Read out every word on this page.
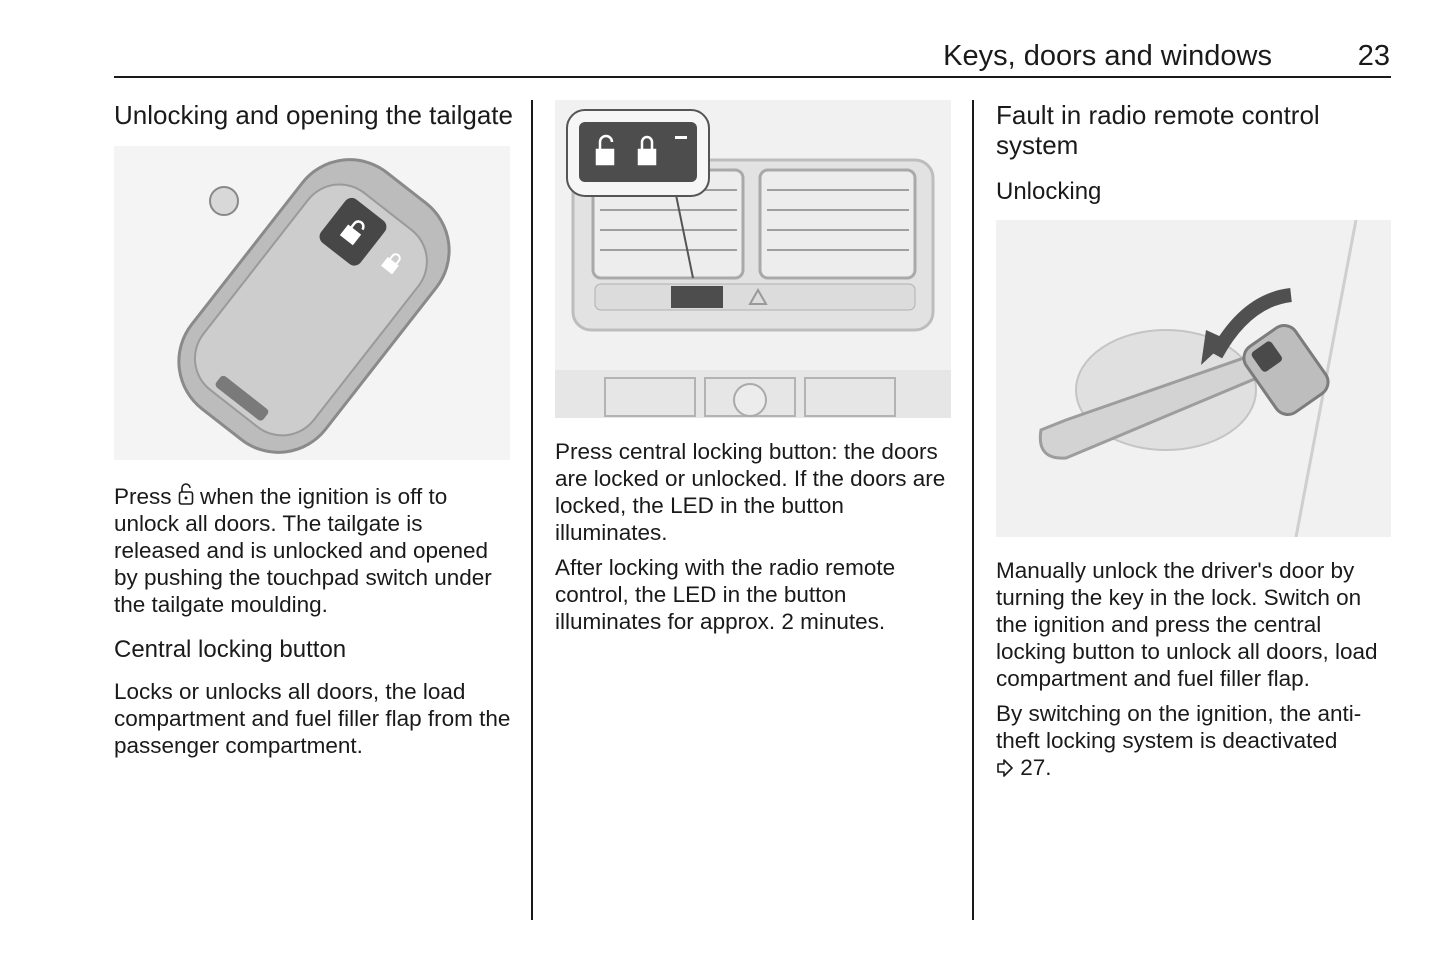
Keys, doors and windows	23
Unlocking and opening the tailgate

Press when the ignition is off to unlock all doors. The tailgate is released and is unlocked and opened by pushing the touchpad switch under the tailgate moulding.

Central locking button

Locks or unlocks all doors, the load compartment and fuel filler flap from the passenger compartment.

Press central locking button: the doors are locked or unlocked. If the doors are locked, the LED in the button illuminates.

After locking with the radio remote control, the LED in the button illuminates for approx. 2 minutes.

Fault in radio remote control system
Unlocking

Manually unlock the driver's door by turning the key in the lock. Switch on the ignition and press the central locking button to unlock all doors, load compartment and fuel filler flap.

By switching on the ignition, the anti-theft locking system is deactivated
27.
